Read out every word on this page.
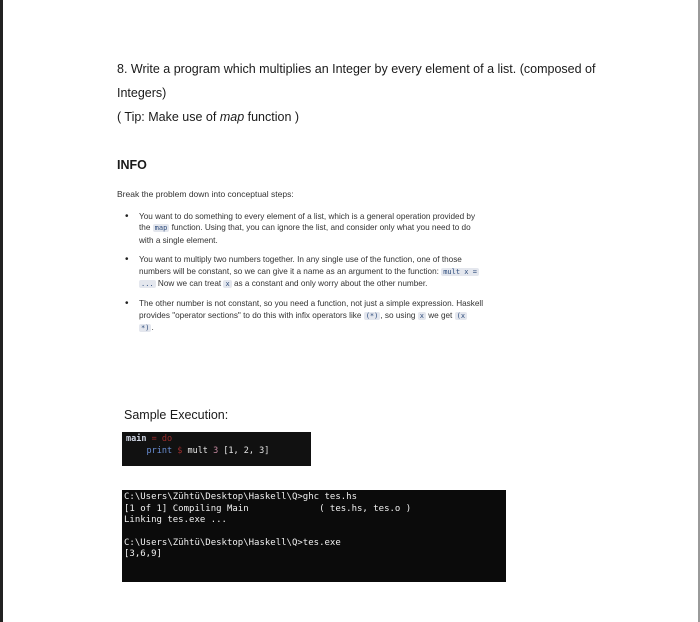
8. Write a program which multiplies an Integer by every element of a list. (composed of
Integers)
( Tip: Make use of map function )
INFO
Break the problem down into conceptual steps:
• You want to do something to every element of a list, which is a general operation provided by
the map function. Using that, you can ignore the list, and consider only what you need to do
with a single element.
• You want to multiply two numbers together. In any single use of the function, one of those
numbers will be constant, so we can give it a name as an argument to the function: mult x =
... Now we can treat x as a constant and only worry about the other number.
• The other number is not constant, so you need a function, not just a simple expression. Haskell
provides "operator sections" to do this with infix operators like (*) , so using x we get (x
*) .
Sample Execution:
main = do
print $ mult 3 [1, 2, 3]
C:\Users\Zühtü\Desktop\Haskell\Q>ghc tes.hs
[1 of 1] Compiling Main             ( tes.hs, tes.o )
Linking tes.exe ...
C:\Users\Zühtü\Desktop\Haskell\Q>tes.exe
[3,6,9]
